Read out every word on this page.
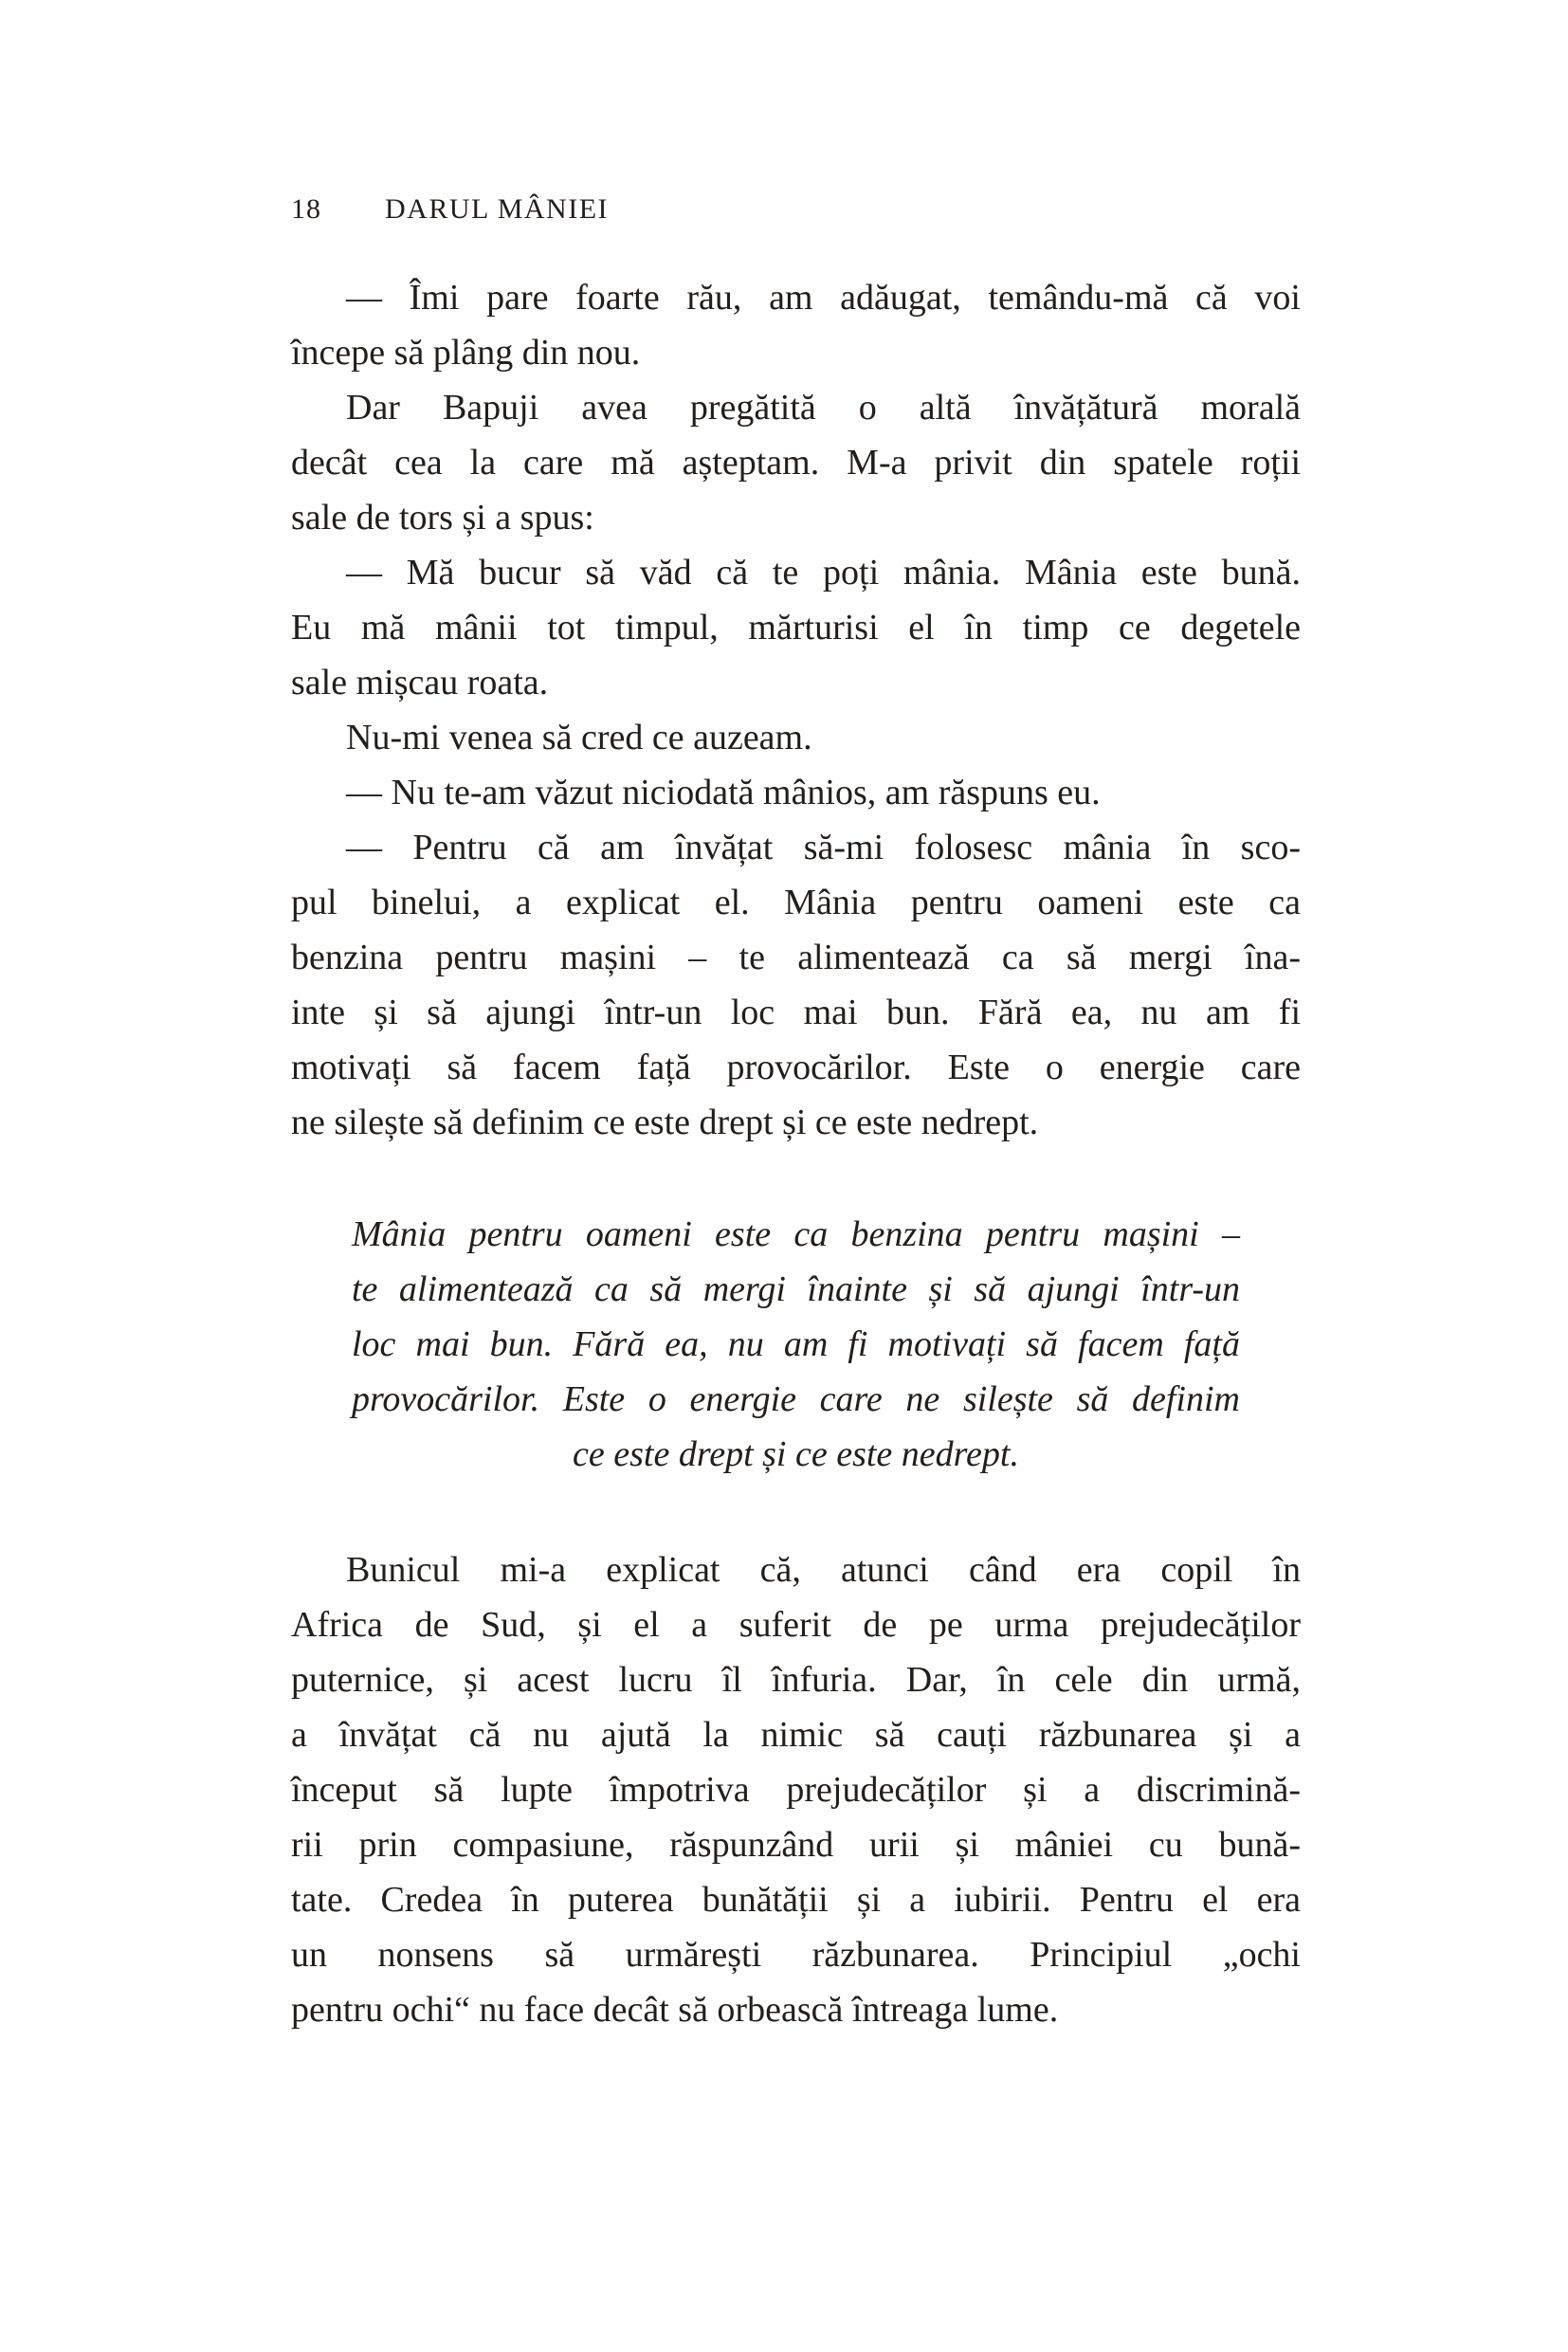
18	DARUL MÂNIEI
— Îmi pare foarte rău, am adăugat, temându-mă că voi
începe să plâng din nou.
Dar Bapuji avea pregătită o altă învățătură morală
decât cea la care mă așteptam. M-a privit din spatele roții
sale de tors și a spus:
— Mă bucur să văd că te poți mânia. Mânia este bună.
Eu mă mânii tot timpul, mărturisi el în timp ce degetele
sale mișcau roata.
Nu-mi venea să cred ce auzeam.
— Nu te-am văzut niciodată mânios, am răspuns eu.
— Pentru că am învățat să-mi folosesc mânia în sco-
pul binelui, a explicat el. Mânia pentru oameni este ca
benzina pentru mașini – te alimentează ca să mergi îna-
inte și să ajungi într-un loc mai bun. Fără ea, nu am fi
motivați să facem față provocărilor. Este o energie care
ne silește să definim ce este drept și ce este nedrept.
Mânia pentru oameni este ca benzina pentru mașini –
te alimentează ca să mergi înainte și să ajungi într-un
loc mai bun. Fără ea, nu am fi motivați să facem față
provocărilor. Este o energie care ne silește să definim
ce este drept și ce este nedrept.
Bunicul mi-a explicat că, atunci când era copil în
Africa de Sud, și el a suferit de pe urma prejudecăților
puternice, și acest lucru îl înfuria. Dar, în cele din urmă,
a învățat că nu ajută la nimic să cauți răzbunarea și a
început să lupte împotriva prejudecăților și a discrimină-
rii prin compasiune, răspunzând urii și mâniei cu bună-
tate. Credea în puterea bunătății și a iubirii. Pentru el era
un nonsens să urmărești răzbunarea. Principiul „ochi
pentru ochi“ nu face decât să orbească întreaga lume.
